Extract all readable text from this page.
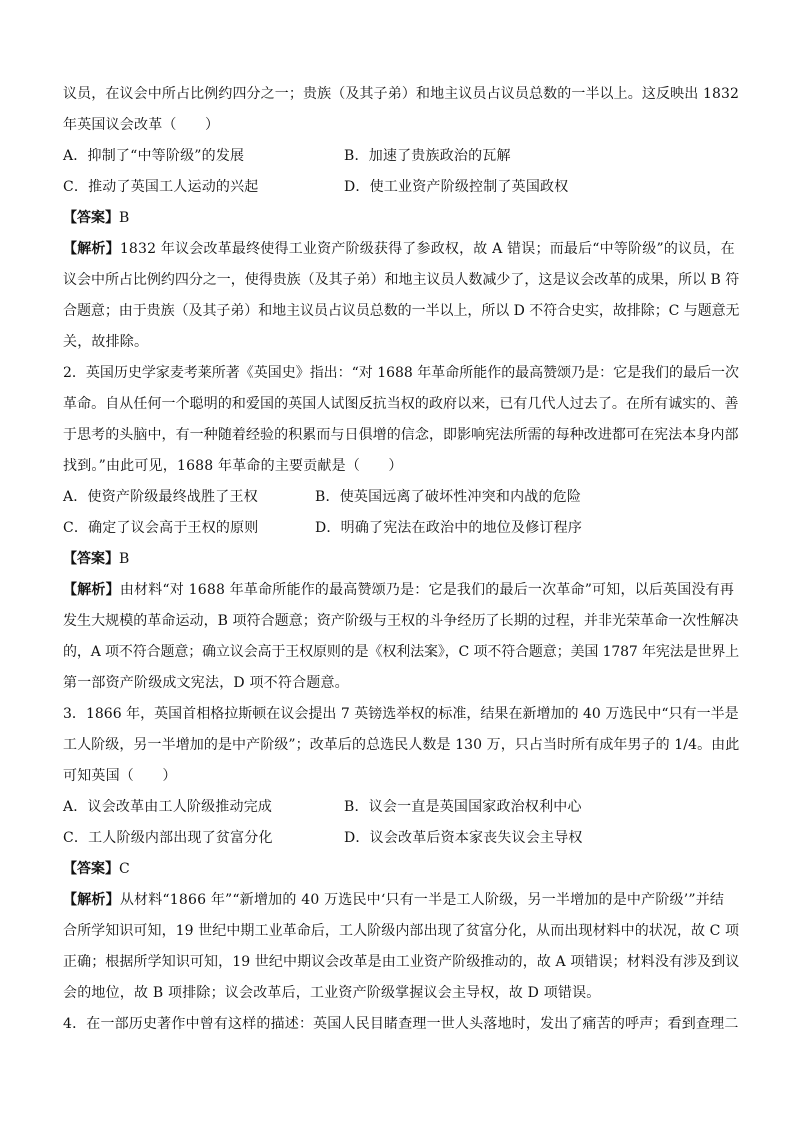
议员，在议会中所占比例约四分之一；贵族（及其子弟）和地主议员占议员总数的一半以上。这反映出 1832
年英国议会改革（　　）
A．抑制了“中等阶级”的发展	B．加速了贵族政治的瓦解
C．推动了英国工人运动的兴起	D．使工业资产阶级控制了英国政权
【答案】B
【解析】1832 年议会改革最终使得工业资产阶级获得了参政权，故 A 错误；而最后“中等阶级”的议员，在
议会中所占比例约四分之一，使得贵族（及其子弟）和地主议员人数减少了，这是议会改革的成果，所以 B 符
合题意；由于贵族（及其子弟）和地主议员占议员总数的一半以上，所以 D 不符合史实，故排除；C 与题意无
关，故排除。
2．英国历史学家麦考莱所著《英国史》指出：“对 1688 年革命所能作的最高赞颂乃是：它是我们的最后一次
革命。自从任何一个聪明的和爱国的英国人试图反抗当权的政府以来，已有几代人过去了。在所有诚实的、善
于思考的头脑中，有一种随着经验的积累而与日俱增的信念，即影响宪法所需的每种改进都可在宪法本身内部
找到。”由此可见，1688 年革命的主要贡献是（　　）
A．使资产阶级最终战胜了王权	B．使英国远离了破坏性冲突和内战的危险
C．确定了议会高于王权的原则	D．明确了宪法在政治中的地位及修订程序
【答案】B
【解析】由材料“对 1688 年革命所能作的最高赞颂乃是：它是我们的最后一次革命”可知，以后英国没有再
发生大规模的革命运动，B 项符合题意；资产阶级与王权的斗争经历了长期的过程，并非光荣革命一次性解决
的，A 项不符合题意；确立议会高于王权原则的是《权利法案》，C 项不符合题意；美国 1787 年宪法是世界上
第一部资产阶级成文宪法，D 项不符合题意。
3．1866 年，英国首相格拉斯顿在议会提出 7 英镑选举权的标准，结果在新增加的 40 万选民中“只有一半是
工人阶级，另一半增加的是中产阶级”；改革后的总选民人数是 130 万，只占当时所有成年男子的 1/4。由此
可知英国（　　）
A．议会改革由工人阶级推动完成	B．议会一直是英国国家政治权利中心
C．工人阶级内部出现了贫富分化	D．议会改革后资本家丧失议会主导权
【答案】C
【解析】从材料“1866 年”“新增加的 40 万选民中‘只有一半是工人阶级，另一半增加的是中产阶级’”并结
合所学知识可知，19 世纪中期工业革命后，工人阶级内部出现了贫富分化，从而出现材料中的状况，故 C 项
正确；根据所学知识可知，19 世纪中期议会改革是由工业资产阶级推动的，故 A 项错误；材料没有涉及到议
会的地位，故 B 项排除；议会改革后，工业资产阶级掌握议会主导权，故 D 项错误。
4．在一部历史著作中曾有这样的描述：英国人民目睹查理一世人头落地时，发出了痛苦的呼声；看到查理二
